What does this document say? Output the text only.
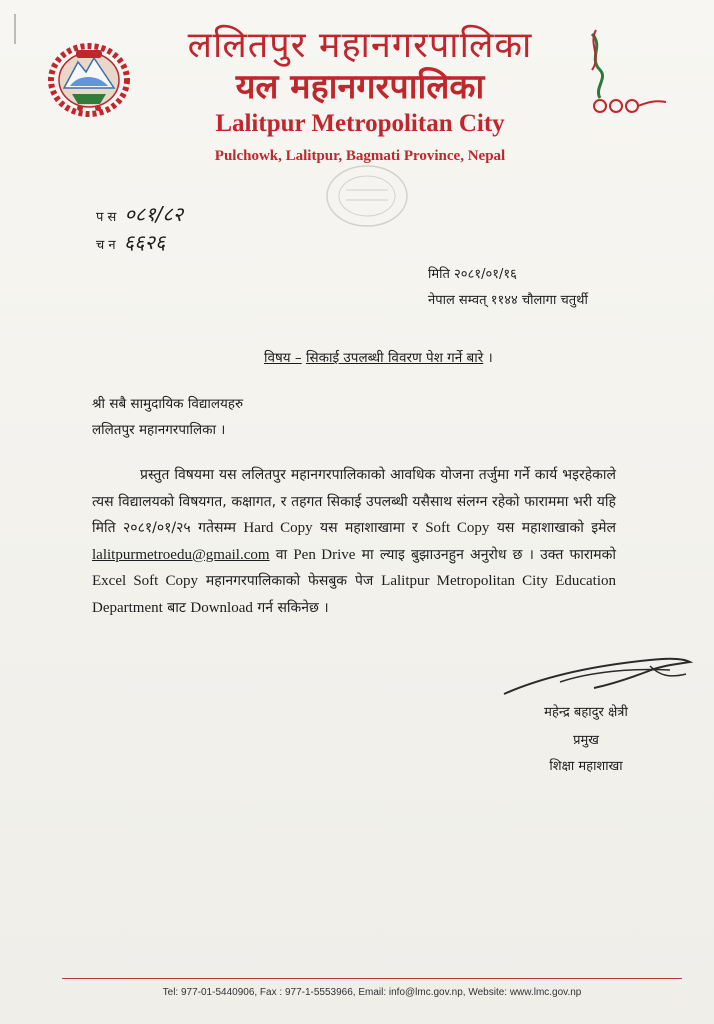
ललितपुर महानगरपालिका
यल महानगरपालिका
Lalitpur Metropolitan City
Pulchowk, Lalitpur, Bagmati Province, Nepal
प स ०८१/८२
च न ६६२६
मिति २०८१/०१/१६
नेपाल सम्वत् ११४४ चौलागा चतुर्थी
विषय – सिकाई उपलब्धी विवरण पेश गर्ने बारे ।
श्री सबै सामुदायिक विद्यालयहरु
ललितपुर महानगरपालिका ।

प्रस्तुत विषयमा यस ललितपुर महानगरपालिकाको आवधिक योजना तर्जुमा गर्ने कार्य भइरहेकाले त्यस विद्यालयको विषयगत, कक्षागत, र तहगत सिकाई उपलब्धी यसैसाथ संलग्न रहेको फाराममा भरी यहि मिति २०८१/०१/२५ गतेसम्म Hard Copy यस महाशाखामा र Soft Copy यस महाशाखाको इमेल lalitpurmetroedu@gmail.com वा Pen Drive मा ल्याइ बुझाउनहुन अनुरोध छ । उक्त फारामको Excel Soft Copy महानगरपालिकाको फेसबुक पेज Lalitpur Metropolitan City Education Department बाट Download गर्न सकिनेछ ।

महेन्द्र बहादुर क्षेत्री
प्रमुख
शिक्षा महाशाखा
Tel: 977-01-5440906, Fax : 977-1-5553966, Email: info@lmc.gov.np, Website: www.lmc.gov.np
